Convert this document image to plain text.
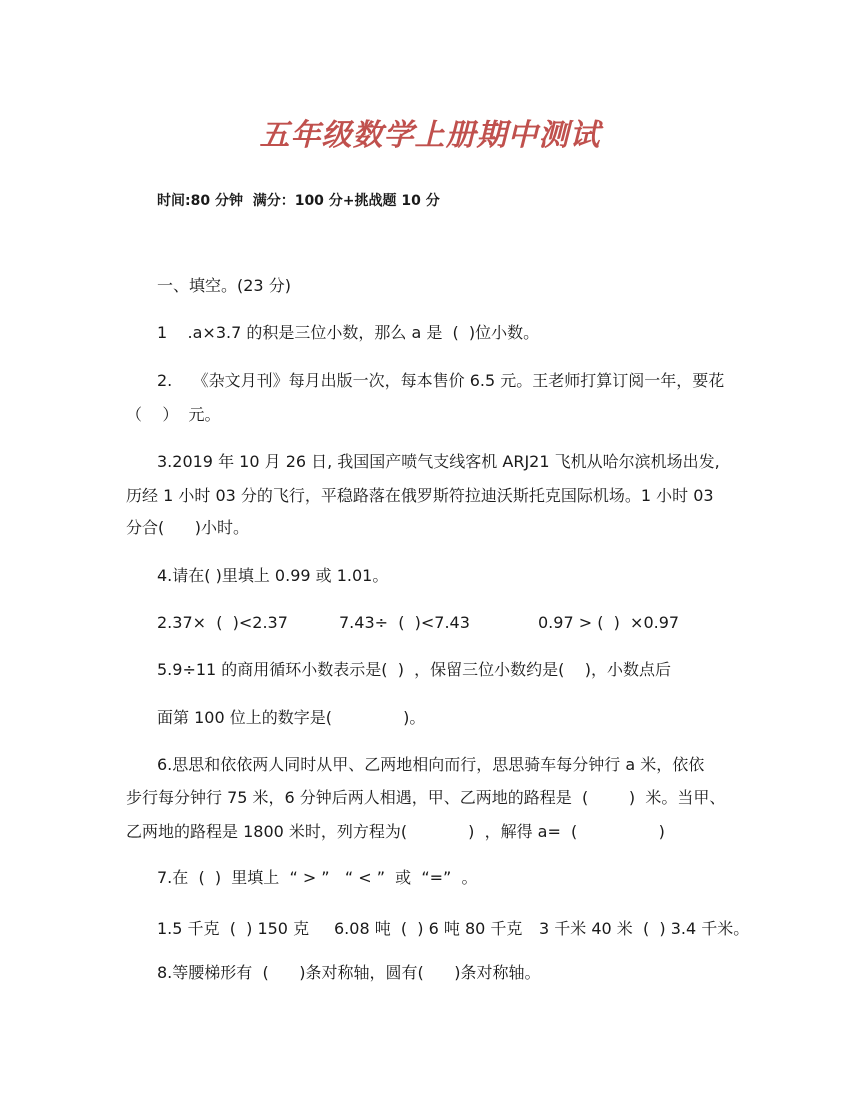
五年级数学上册期中测试
时间:80 分钟  满分：100 分+挑战题 10 分
一、填空。(23 分)
1    .a×3.7 的积是三位小数，那么 a 是  (  )位小数。
2.    《杂文月刊》每月出版一次，每本售价 6.5 元。王老师打算订阅一年，要花
（    ）  元。
3.2019 年 10 月 26 日, 我国国产喷气支线客机 ARJ21 飞机从哈尔滨机场出发,
历经 1 小时 03 分的飞行，平稳路落在俄罗斯符拉迪沃斯托克国际机场。1 小时 03
分合(      )小时。
4.请在( )里填上 0.99 或 1.01。
2.37×  (  )<2.37	7.43÷  (  )<7.43	0.97 > (  )  ×0.97
5.9÷11 的商用循环小数表示是(  )  ，保留三位小数约是(    )，小数点后
面第 100 位上的数字是(              )。
6.思思和依依两人同时从甲、乙两地相向而行，思思骑车每分钟行 a 米，依依
步行每分钟行 75 米，6 分钟后两人相遇，甲、乙两地的路程是  (        )  米。当甲、
乙两地的路程是 1800 米时，列方程为(            )  ，解得 a=  (                )
7.在  (  )  里填上  “ > ”   “ < ”  或  “=”  。
1.5 千克  (  ) 150 克 6.08 吨  (  ) 6 吨 80 千克 3 千米 40 米  (  ) 3.4 千米。
8.等腰梯形有  (      )条对称轴，圆有(      )条对称轴。
